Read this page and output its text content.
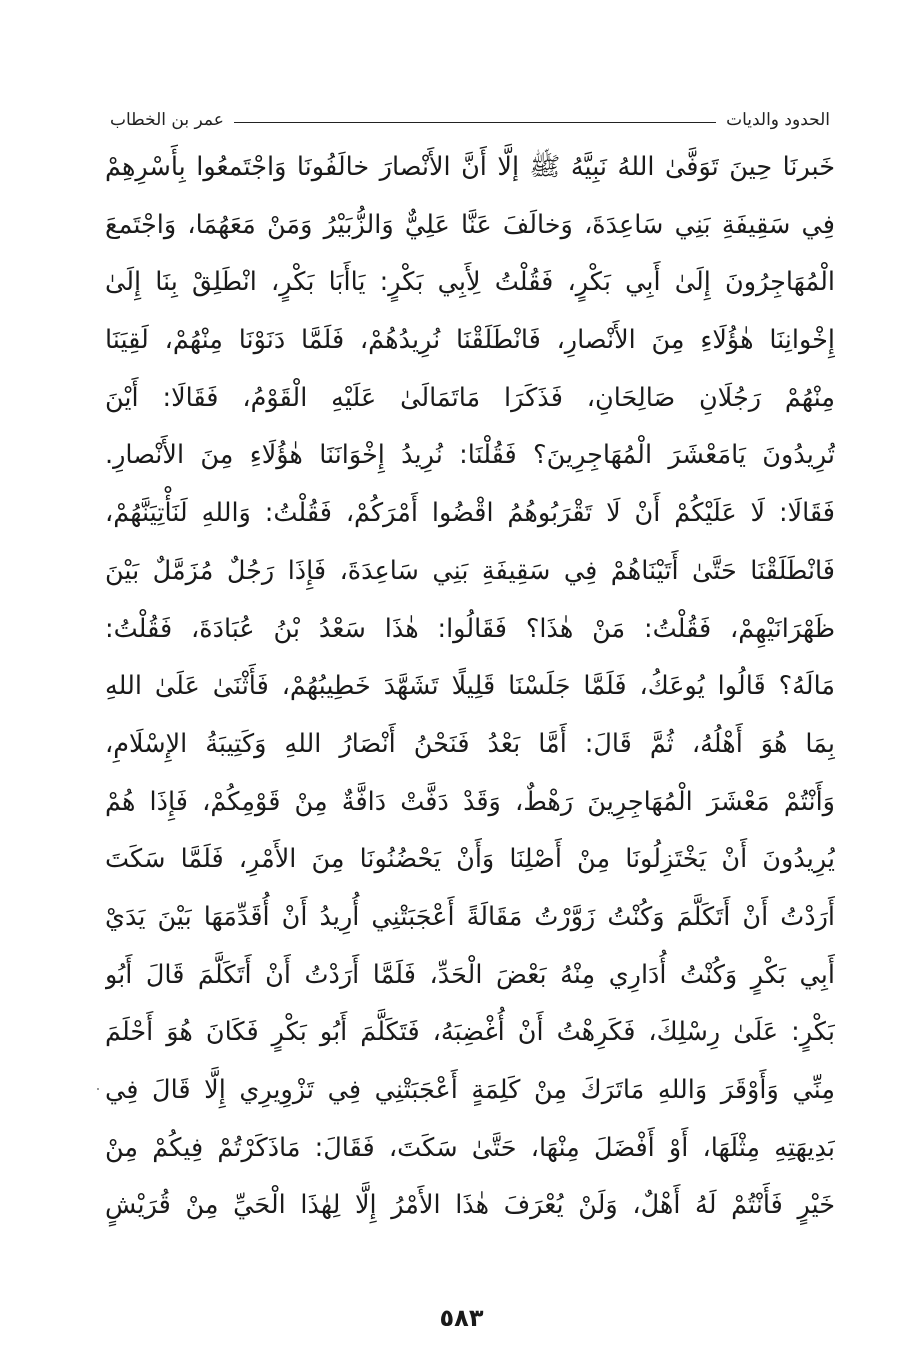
الحدود والديات
عمر بن الخطاب
خَبرنَا حِينَ تَوَفَّىٰ اللهُ نَبِيَّهُ ﷺ إلَّا أَنَّ الأَنْصارَ خالَفُونَا وَاجْتَمعُوا بِأَسْرِهِمْ
فِي سَقِيفَةِ بَنِي سَاعِدَةَ، وَخالَفَ عَنَّا عَلِيٌّ وَالزُّبَيْرُ وَمَنْ مَعَهُمَا، وَاجْتَمعَ
الْمُهَاجِرُونَ إِلَىٰ أَبِي بَكْرٍ، فَقُلْتُ لِأَبِي بَكْرٍ: يَاأَبَا بَكْرٍ، انْطَلِقْ بِنَا إِلَىٰ
إِخْوانِنَا هٰؤُلَاءِ مِنَ الأَنْصارِ، فَانْطَلَقْنَا نُرِيدُهُمْ، فَلَمَّا دَنَوْنَا مِنْهُمْ، لَقِيَنَا
مِنْهُمْ رَجُلَانِ صَالِحَانِ، فَذَكَرَا مَاتَمَالَىٰ عَلَيْهِ الْقَوْمُ، فَقَالَا: أَيْنَ
تُرِيدُونَ يَامَعْشَرَ الْمُهَاجِرِينَ؟ فَقُلْنَا: نُرِيدُ إِخْوَانَنَا هٰؤُلَاءِ مِنَ الأَنْصارِ.
فَقَالَا: لَا عَلَيْكُمْ أَنْ لَا تَقْرَبُوهُمُ اقْضُوا أَمْرَكُمْ، فَقُلْتُ: وَاللهِ لَنَأْتِيَنَّهُمْ،
فَانْطَلَقْنَا حَتَّىٰ أَتَيْنَاهُمْ فِي سَقِيفَةِ بَنِي سَاعِدَةَ، فَإِذَا رَجُلٌ مُزَمَّلٌ بَيْنَ
ظَهْرَانَيْهِمْ، فَقُلْتُ: مَنْ هٰذَا؟ فَقَالُوا: هٰذَا سَعْدُ بْنُ عُبَادَةَ، فَقُلْتُ:
مَالَهُ؟ قَالُوا يُوعَكُ، فَلَمَّا جَلَسْنَا قَلِيلًا تَشَهَّدَ خَطِيبُهُمْ، فَأَثْنَىٰ عَلَىٰ اللهِ
بِمَا هُوَ أَهْلُهُ، ثُمَّ قَالَ: أَمَّا بَعْدُ فَنَحْنُ أَنْصَارُ اللهِ وَكَتِيبَةُ الإِسْلَامِ،
وَأَنْتُمْ مَعْشَرَ الْمُهَاجِرِينَ رَهْطٌ، وَقَدْ دَفَّتْ دَافَّةٌ مِنْ قَوْمِكُمْ، فَإِذَا هُمْ
يُرِيدُونَ أَنْ يَخْتَزِلُونَا مِنْ أَصْلِنَا وَأَنْ يَحْضُنُونَا مِنَ الأَمْرِ، فَلَمَّا سَكَتَ
أَرَدْتُ أَنْ أَتَكَلَّمَ وَكُنْتُ زَوَّرْتُ مَقَالَةً أَعْجَبَتْنِي أُرِيدُ أَنْ أُقَدِّمَهَا بَيْنَ يَدَيْ
أَبِي بَكْرٍ وَكُنْتُ أُدَارِي مِنْهُ بَعْضَ الْحَدِّ، فَلَمَّا أَرَدْتُ أَنْ أَتَكَلَّمَ قَالَ أَبُو
بَكْرٍ: عَلَىٰ رِسْلِكَ، فَكَرِهْتُ أَنْ أُغْضِبَهُ، فَتَكَلَّمَ أَبُو بَكْرٍ فَكَانَ هُوَ أَحْلَمَ
مِنِّي وَأَوْقَرَ وَاللهِ مَاتَرَكَ مِنْ كَلِمَةٍ أَعْجَبَتْنِي فِي تَزْوِيرِي إِلَّا قَالَ فِي
بَدِيهَتِهِ مِثْلَهَا، أَوْ أَفْضَلَ مِنْهَا، حَتَّىٰ سَكَتَ، فَقَالَ: مَاذَكَرْتُمْ فِيكُمْ مِنْ
خَيْرٍ فَأَنْتُمْ لَهُ أَهْلٌ، وَلَنْ يُعْرَفَ هٰذَا الأَمْرُ إِلَّا لِهٰذَا الْحَيِّ مِنْ قُرَيْشٍ
٥٨٣
